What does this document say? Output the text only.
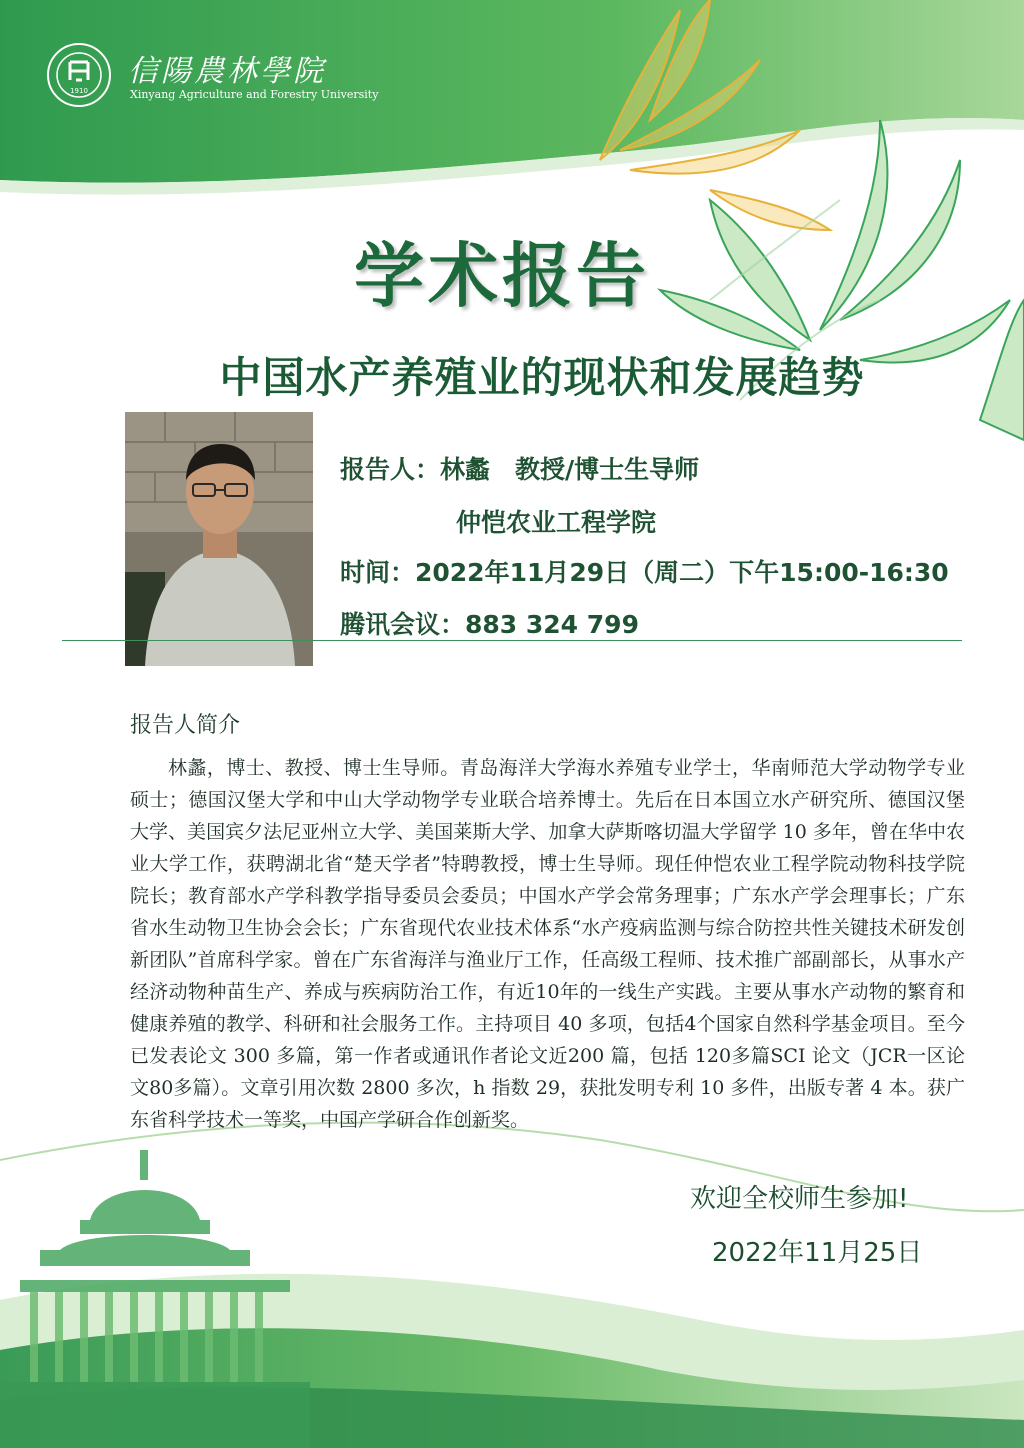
1910
信陽農林學院
Xinyang Agriculture and Forestry University
学术报告
中国水产养殖业的现状和发展趋势
报告人：林蠡　教授/博士生导师
仲恺农业工程学院
时间：2022年11月29日（周二）下午15:00-16:30
腾讯会议：883 324 799
报告人简介
林蠡，博士、教授、博士生导师。青岛海洋大学海水养殖专业学士，华南师范大学动物学专业硕士；德国汉堡大学和中山大学动物学专业联合培养博士。先后在日本国立水产研究所、德国汉堡大学、美国宾夕法尼亚州立大学、美国莱斯大学、加拿大萨斯喀切温大学留学 10 多年，曾在华中农业大学工作，获聘湖北省“楚天学者”特聘教授，博士生导师。现任仲恺农业工程学院动物科技学院院长；教育部水产学科教学指导委员会委员；中国水产学会常务理事；广东水产学会理事长；广东省水生动物卫生协会会长；广东省现代农业技术体系“水产疫病监测与综合防控共性关键技术研发创新团队”首席科学家。曾在广东省海洋与渔业厅工作，任高级工程师、技术推广部副部长，从事水产经济动物种苗生产、养成与疾病防治工作，有近10年的一线生产实践。主要从事水产动物的繁育和健康养殖的教学、科研和社会服务工作。主持项目 40 多项，包括4个国家自然科学基金项目。至今已发表论文 300 多篇，第一作者或通讯作者论文近200 篇，包括 120多篇SCI 论文（JCR一区论文80多篇）。文章引用次数 2800 多次，h 指数 29，获批发明专利 10 多件，出版专著 4 本。获广东省科学技术一等奖，中国产学研合作创新奖。
欢迎全校师生参加!
2022年11月25日
